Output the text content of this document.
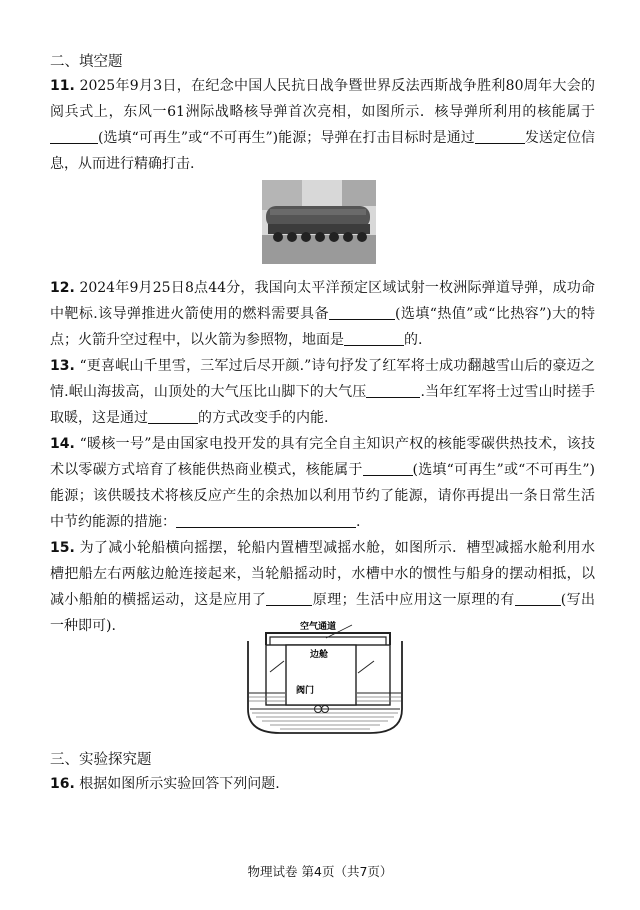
二、填空题

11. 2025年9月3日，在纪念中国人民抗日战争暨世界反法西斯战争胜利80周年大会的阅兵式上，东风一61洲际战略核导弹首次亮相，如图所示．核导弹所利用的核能属于(选填“可再生”或“不可再生”)能源；导弹在打击目标时是通过	发送定位信息，从而进行精确打击.

12. 2024年9月25日8点44分，我国向太平洋预定区域试射一枚洲际弹道导弹，成功命中靶标.该导弹推进火箭使用的燃料需要具备	(选填“热值”或“比热容”)大的特点；火箭升空过程中，以火箭为参照物，地面是	的.

13. “更喜岷山千里雪，三军过后尽开颜.”诗句抒发了红军将士成功翻越雪山后的豪迈之情.岷山海拔高，山顶处的大气压比山脚下的大气压	.当年红军将士过雪山时搓手取暖，这是通过	的方式改变手的内能.

14. “暖核一号”是由国家电投开发的具有完全自主知识产权的核能零碳供热技术，该技术以零碳方式培育了核能供热商业模式，核能属于	(选填“可再生”或“不可再生”)能源；该供暖技术将核反应产生的余热加以利用节约了能源，请你再提出一条日常生活中节约能源的措施：	.

15. 为了减小轮船横向摇摆，轮船内置槽型减摇水舱，如图所示．槽型减摇水舱利用水槽把船左右两舷边舱连接起来，当轮船摇动时，水槽中水的惯性与船身的摆动相抵，以减小船舶的横摇运动，这是应用了	原理；生活中应用这一原理的有	(写出一种即可).	空气通道
边舱
阀门
三、实验探究题

16. 根据如图所示实验回答下列问题.

物理试卷 第4页（共7页）
